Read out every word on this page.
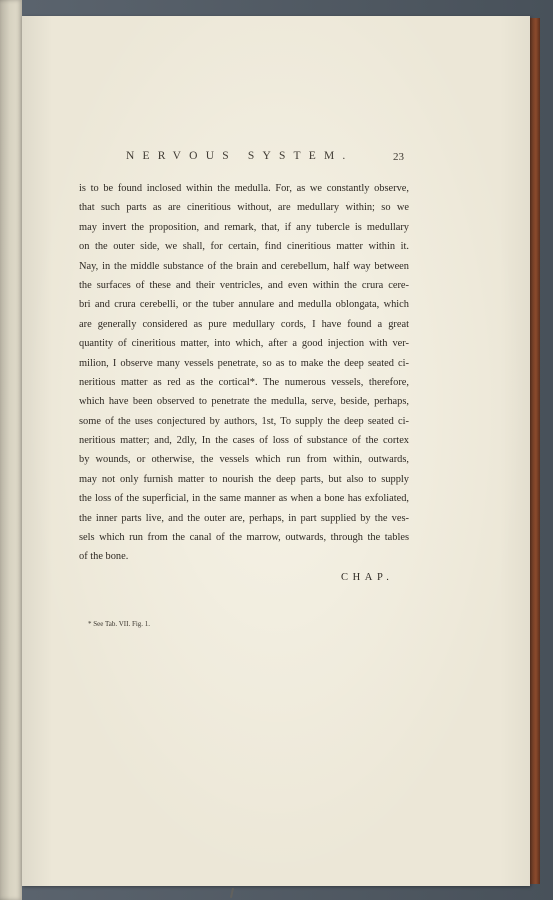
NERVOUS SYSTEM.	23
is to be found inclosed within the medulla. For, as we constantly observe,
that such parts as are cineritious without, are medullary within; so we
may invert the proposition, and remark, that, if any tubercle is medullary
on the outer side, we shall, for certain, find cineritious matter within it.
Nay, in the middle substance of the brain and cerebellum, half way between
the surfaces of these and their ventricles, and even within the crura cere-
bri and crura cerebelli, or the tuber annulare and medulla oblongata, which
are generally considered as pure medullary cords, I have found a great
quantity of cineritious matter, into which, after a good injection with ver-
milion, I observe many vessels penetrate, so as to make the deep seated ci-
neritious matter as red as the cortical*. The numerous vessels, therefore,
which have been observed to penetrate the medulla, serve, beside, perhaps,
some of the uses conjectured by authors, 1st, To supply the deep seated ci-
neritious matter; and, 2dly, In the cases of loss of substance of the cortex
by wounds, or otherwise, the vessels which run from within, outwards,
may not only furnish matter to nourish the deep parts, but also to supply
the loss of the superficial, in the same manner as when a bone has exfoliated,
the inner parts live, and the outer are, perhaps, in part supplied by the ves-
sels which run from the canal of the marrow, outwards, through the tables
of the bone.
CHAP.
* See Tab. VII. Fig. 1.
